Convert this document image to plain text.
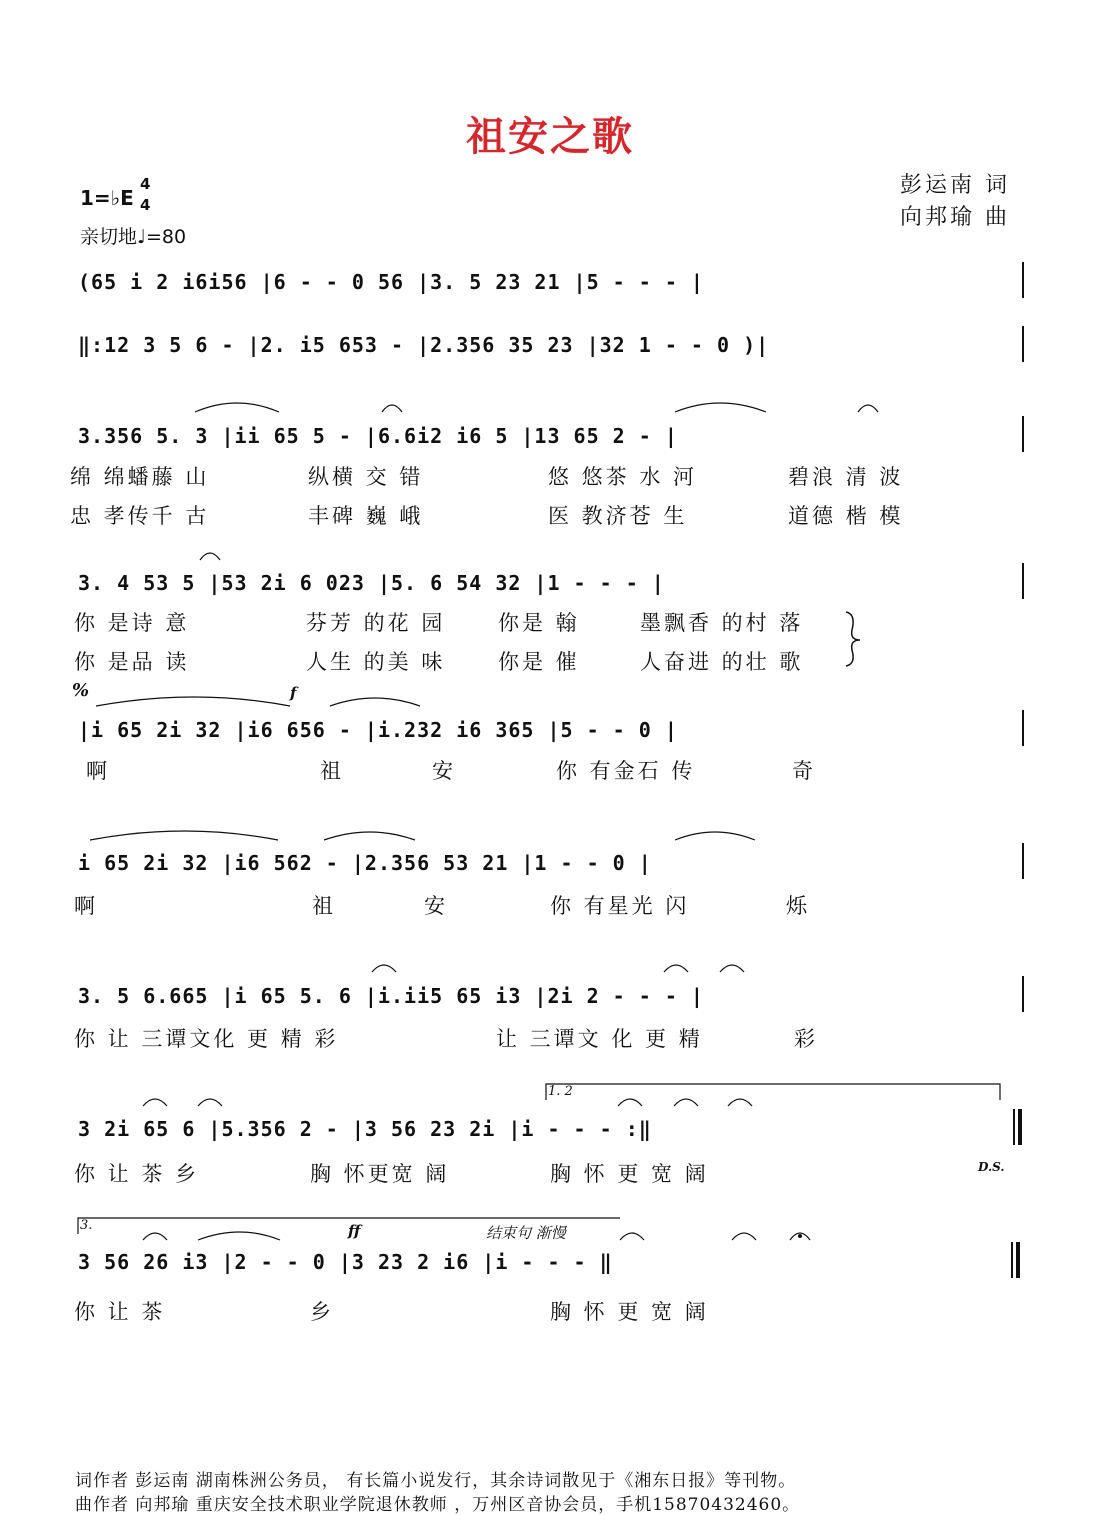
祖安之歌
彭运南 词
向邦瑜 曲
1=♭E
4
4
亲切地♩=80
(65 i 2 i6i56 |6 - - 0 56 |3. 5 23 21 |5 - - - |
‖:12 3 5 6 - |2. i5 653 - |2.356 35 23 |32 1 - - 0 )|
3.356 5. 3 |ii 65 5 - |6.6i2 i6 5 |13 65 2 - |
3. 4 53 5 |53 2i 6 023 |5. 6 54 32 |1 - - - |
|i 65 2i 32 |i6 656 - |i.232 i6 365 |5 - - 0 |
i 65 2i 32 |i6 562 - |2.356 53 21 |1 - - 0 |
3. 5 6.665 |i 65 5. 6 |i.ii5 65 i3 |2i 2 - - - |
3 2i 65 6 |5.356 2 - |3 56 23 2i |i - - - :‖
3 56 26 i3 |2 - - 0 |3 23 2 i6 |i - - - ‖
绵 绵蟠藤 山	纵横 交 错	悠 悠茶 水 河	碧浪 清 波
忠 孝传千 古	丰碑 巍 峨	医 教济苍 生	道德 楷 模
你 是诗 意	芬芳 的花 园	你是 翰	墨飘香 的村 落
你 是品 读	人生 的美 味	你是 催	人奋进 的壮 歌
啊	祖	安	你 有金石 传	奇
啊	祖	安	你 有星光 闪	烁
你 让 三谭文化 更 精 彩	让 三谭文 化 更 精	彩
你 让 茶 乡	胸 怀更宽 阔	胸 怀 更 宽 阔
你 让 茶	乡	胸 怀 更 宽 阔
%	f
ff	结束句 渐慢
1. 2
3.
D.S.
词作者 彭运南 湖南株洲公务员， 有长篇小说发行，其余诗词散见于《湘东日报》等刊物。
曲作者 向邦瑜 重庆安全技术职业学院退休教师 ，万州区音协会员，手机15870432460。
